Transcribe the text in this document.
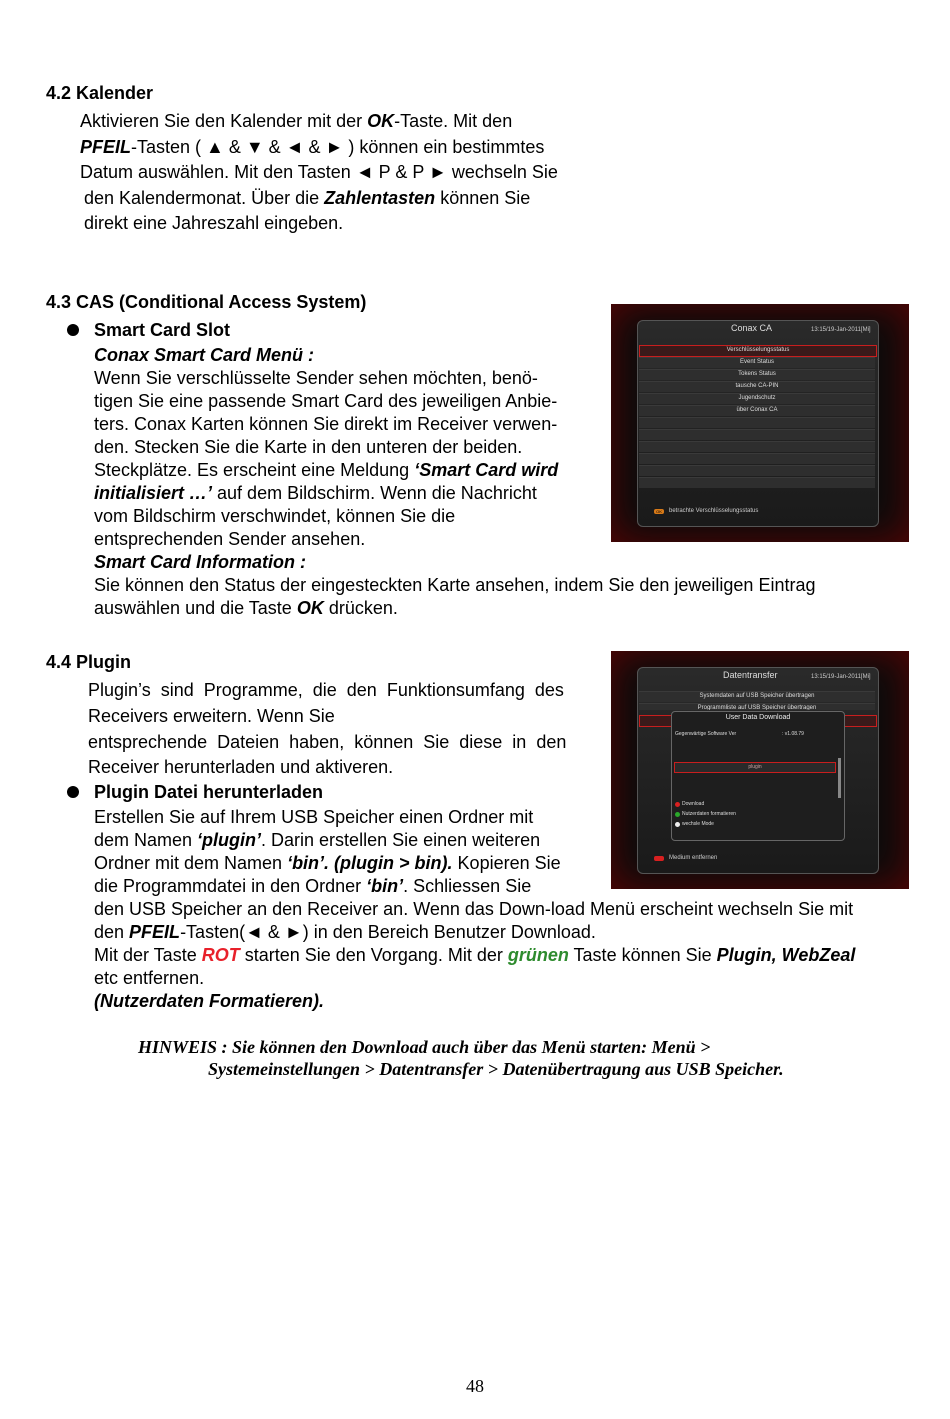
4.2 Kalender
Aktivieren Sie den Kalender mit der OK-Taste. Mit den
PFEIL-Tasten ( ▲ & ▼ & ◄ & ► ) können ein bestimmtes
Datum auswählen. Mit den Tasten ◄ P & P ► wechseln Sie
den Kalendermonat. Über die Zahlentasten können Sie
direkt eine Jahreszahl eingeben.
4.3 CAS (Conditional Access System)
Smart Card Slot
Conax Smart Card Menü :
Wenn Sie verschlüsselte Sender sehen möchten, benö-
tigen Sie eine passende Smart Card des jeweiligen Anbie-
ters. Conax Karten können Sie direkt im Receiver verwen-
den. Stecken Sie die Karte in den unteren der beiden.
Steckplätze. Es erscheint eine Meldung ‘Smart Card wird
initialisiert …’ auf dem Bildschirm. Wenn die Nachricht
vom Bildschirm verschwindet, können Sie die
entsprechenden Sender ansehen.
Smart Card Information :
Sie können den Status der eingesteckten Karte ansehen, indem Sie den jeweiligen Eintrag
auswählen und die Taste OK drücken.
Conax CA	13:15/19-Jan-2011[Mi]
Verschlüsselungsstatus
Event Status
Tokens Status
tausche CA-PIN
Jugendschutz
über Conax CA
OK	betrachte Verschlüsselungsstatus
4.4 Plugin
Plugin’s  sind  Programme,  die  den  Funktionsumfang  des
Receivers erweitern. Wenn Sie
entsprechende  Dateien  haben,  können  Sie  diese  in  den
Receiver herunterladen und aktiveren.
Plugin Datei herunterladen
Erstellen Sie auf Ihrem USB Speicher einen Ordner mit
dem Namen ‘plugin’. Darin erstellen Sie einen weiteren
Ordner mit dem Namen ‘bin’. (plugin > bin). Kopieren Sie
die Programmdatei in den Ordner ‘bin’. Schliessen Sie
den USB Speicher an den Receiver an. Wenn das Down-load Menü erscheint wechseln Sie mit
den PFEIL-Tasten(◄ & ►) in den Bereich Benutzer Download.
Mit der Taste ROT starten Sie den Vorgang. Mit der grünen Taste können Sie Plugin, WebZeal
etc entfernen.
(Nutzerdaten Formatieren).
Datentransfer	13:15/19-Jan-2011[Mi]
Systemdaten auf USB Speicher übertragen
Programmliste auf USB Speicher übertragen
User Data Download
Gegenwärtige Software Ver	: v1.08.79
plugin
Download
Nutzerdaten formatieren
wechsle Mode
Medium entfernen
HINWEIS : Sie können den Download auch über das Menü starten: Menü >
Systemeinstellungen > Datentransfer > Datenübertragung aus USB Speicher.
48
